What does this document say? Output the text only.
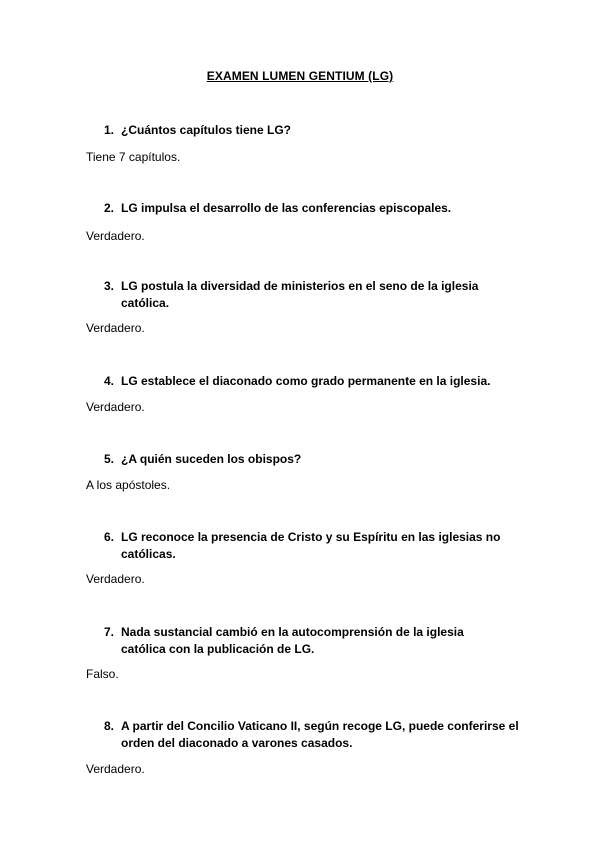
EXAMEN LUMEN GENTIUM (LG)
1. ¿Cuántos capítulos tiene LG?
Tiene 7 capítulos.
2. LG impulsa el desarrollo de las conferencias episcopales.
Verdadero.
3. LG postula la diversidad de ministerios en el seno de la iglesia católica.
Verdadero.
4. LG establece el diaconado como grado permanente en la iglesia.
Verdadero.
5. ¿A quién suceden los obispos?
A los apóstoles.
6. LG reconoce la presencia de Cristo y su Espíritu en las iglesias no católicas.
Verdadero.
7. Nada sustancial cambió en la autocomprensión de la iglesia católica con la publicación de LG.
Falso.
8. A partir del Concilio Vaticano II, según recoge LG, puede conferirse el orden del diaconado a varones casados.
Verdadero.
